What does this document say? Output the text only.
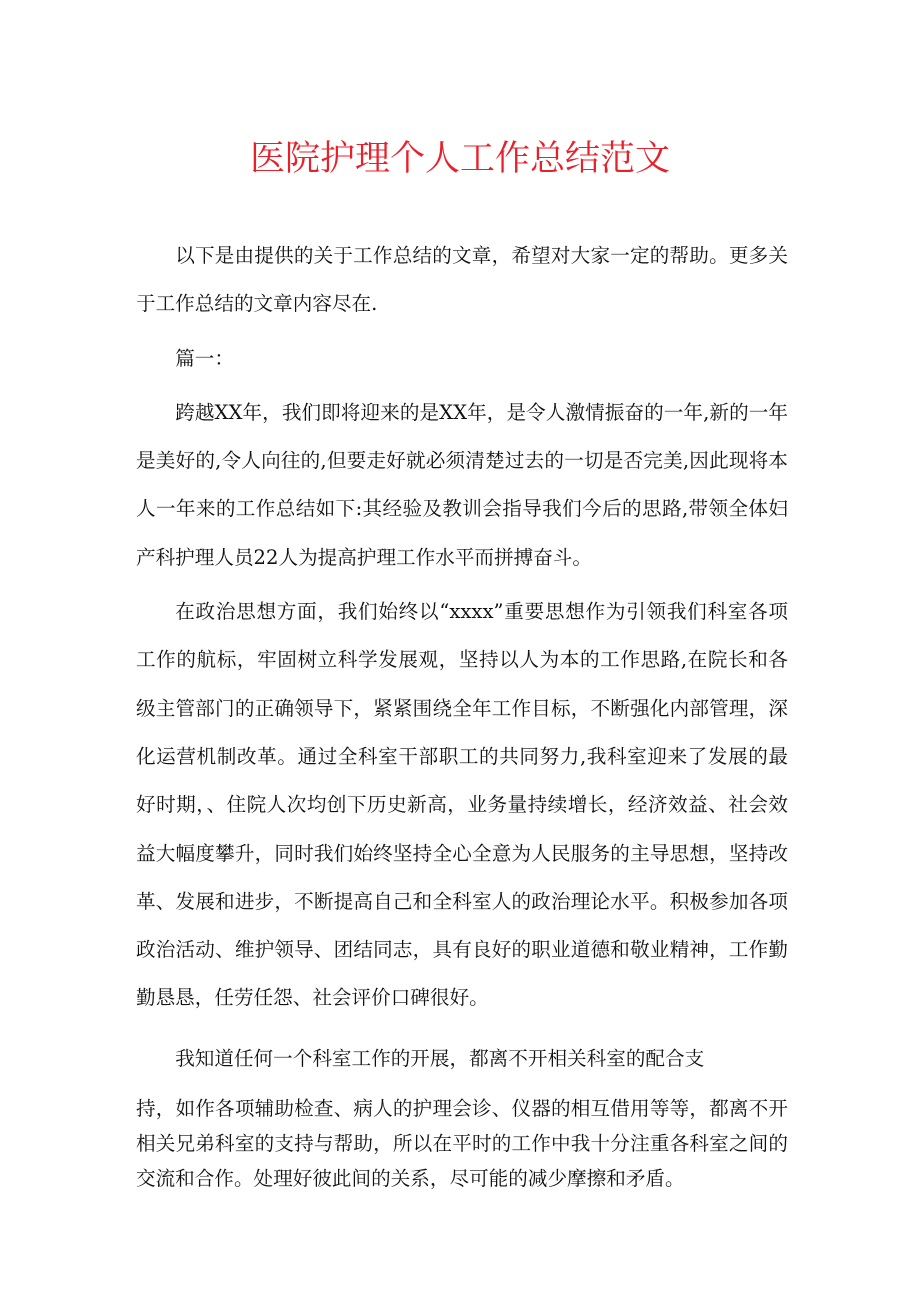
医院护理个人工作总结范文

以下是由提供的关于工作总结的文章，希望对大家一定的帮助。更多关于工作总结的文章内容尽在.

篇一：

跨越XX年，我们即将迎来的是XX年，是令人激情振奋的一年,新的一年是美好的,令人向往的,但要走好就必须清楚过去的一切是否完美,因此现将本人一年来的工作总结如下:其经验及教训会指导我们今后的思路,带领全体妇产科护理人员22人为提高护理工作水平而拼搏奋斗。

在政治思想方面，我们始终以“xxxx”重要思想作为引领我们科室各项工作的航标，牢固树立科学发展观，坚持以人为本的工作思路,在院长和各级主管部门的正确领导下，紧紧围绕全年工作目标，不断强化内部管理，深化运营机制改革。通过全科室干部职工的共同努力,我科室迎来了发展的最好时期，、住院人次均创下历史新高，业务量持续增长，经济效益、社会效益大幅度攀升，同时我们始终坚持全心全意为人民服务的主导思想，坚持改革、发展和进步，不断提高自己和全科室人的政治理论水平。积极参加各项政治活动、维护领导、团结同志，具有良好的职业道德和敬业精神，工作勤勤恳恳，任劳任怨、社会评价口碑很好。

我知道任何一个科室工作的开展，都离不开相关科室的配合支

持，如作各项辅助检查、病人的护理会诊、仪器的相互借用等等，都离不开相关兄弟科室的支持与帮助，所以在平时的工作中我十分注重各科室之间的交流和合作。处理好彼此间的关系，尽可能的减少摩擦和矛盾。
